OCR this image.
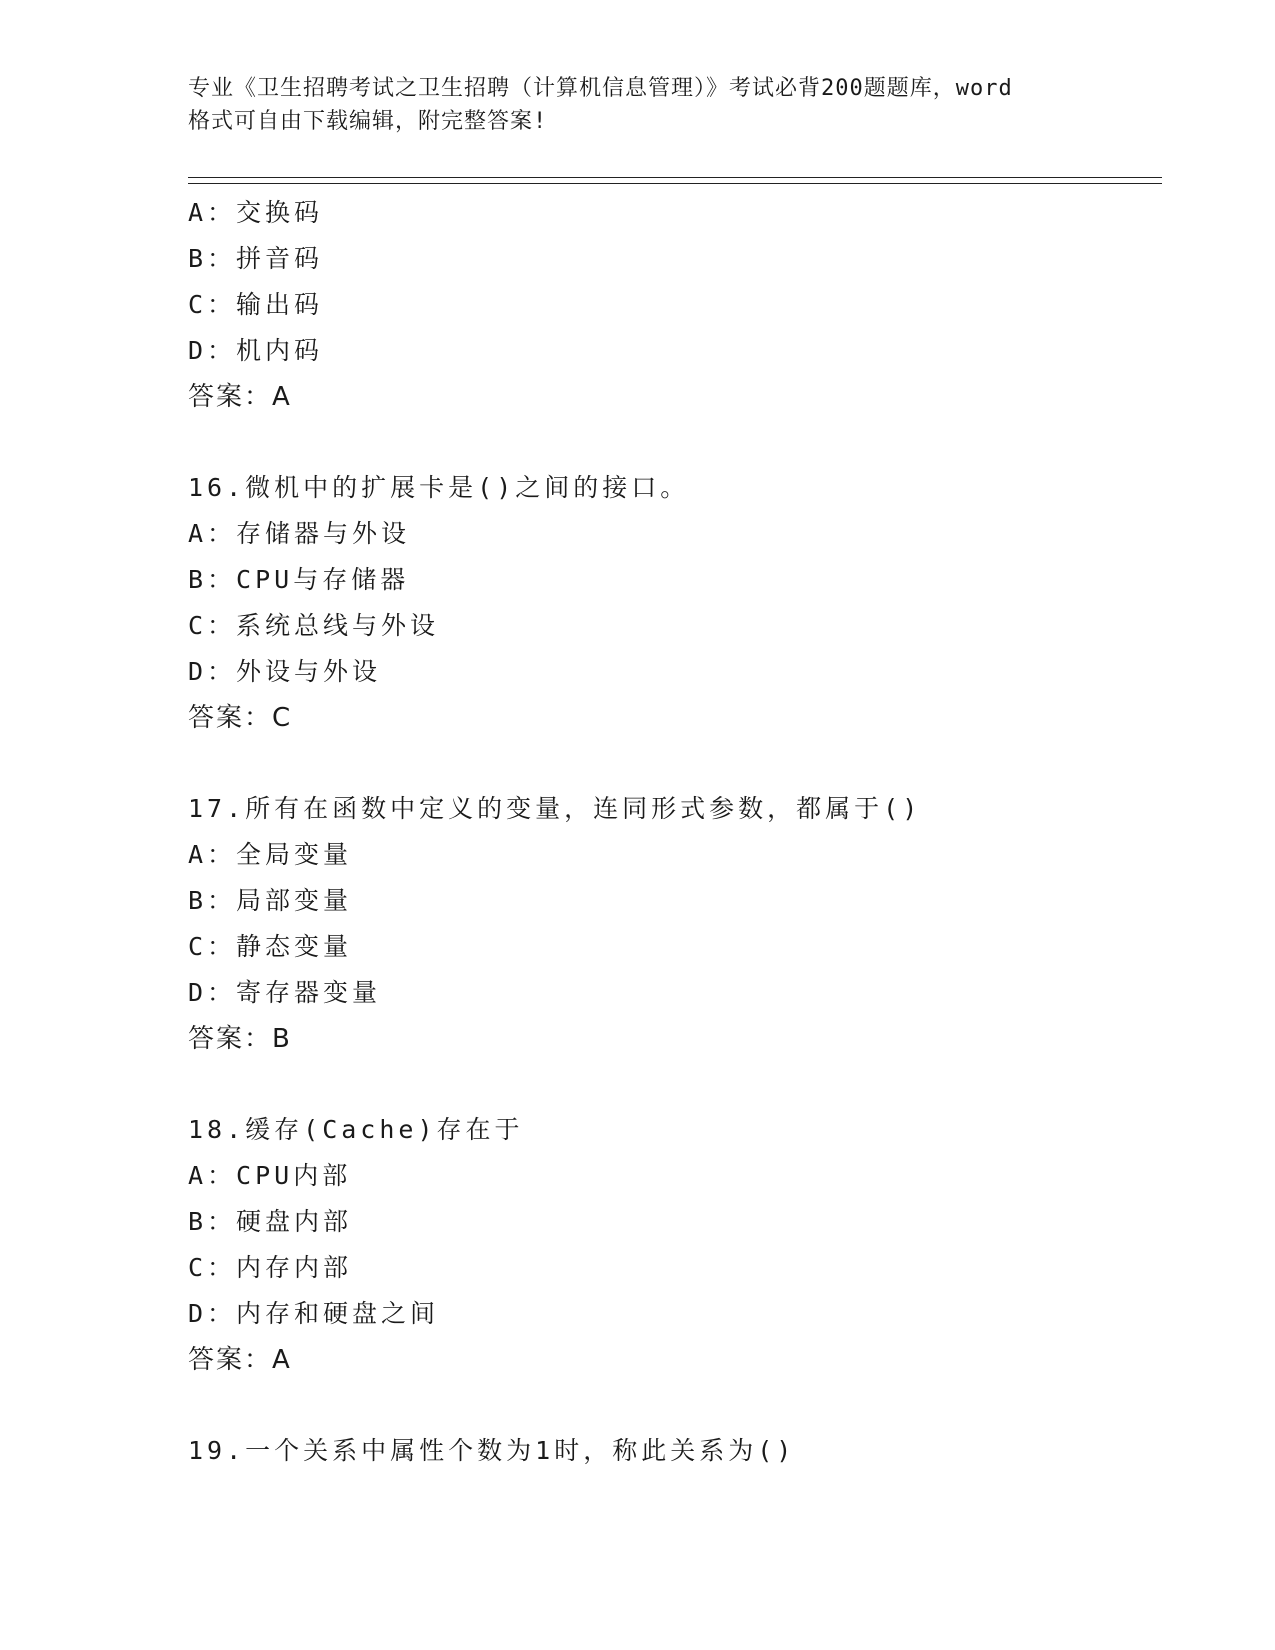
专业《卫生招聘考试之卫生招聘（计算机信息管理）》考试必背200题题库，word
格式可自由下载编辑，附完整答案!
A：交换码
B：拼音码
C：输出码
D：机内码
答案：A
16.微机中的扩展卡是()之间的接口。
A：存储器与外设
B：CPU与存储器
C：系统总线与外设
D：外设与外设
答案：C
17.所有在函数中定义的变量，连同形式参数，都属于()
A：全局变量
B：局部变量
C：静态变量
D：寄存器变量
答案：B
18.缓存(Cache)存在于
A：CPU内部
B：硬盘内部
C：内存内部
D：内存和硬盘之间
答案：A
19.一个关系中属性个数为1时，称此关系为()
